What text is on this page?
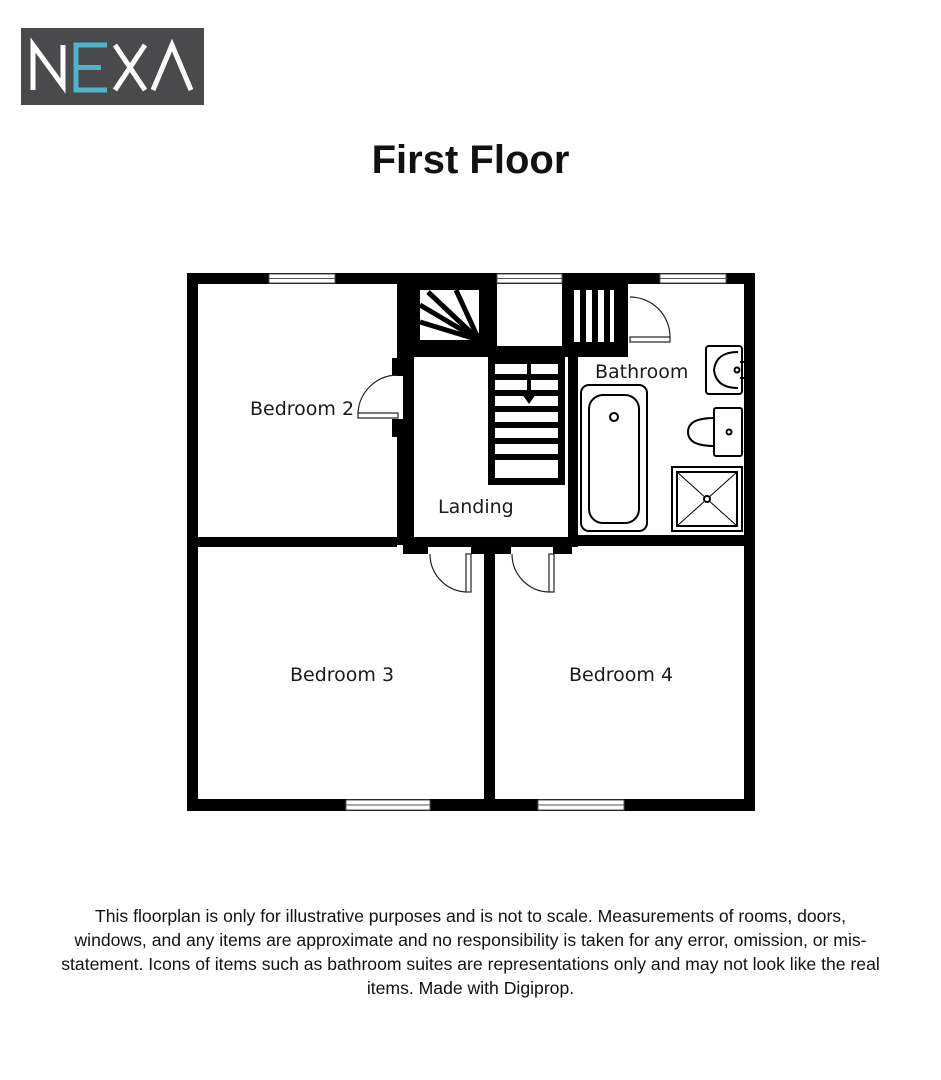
First Floor
Bedroom 2
Landing
Bathroom
Bedroom 3	Bedroom 4

This floorplan is only for illustrative purposes and is not to scale. Measurements of rooms, doors, windows, and any items are approximate and no responsibility is taken for any error, omission, or mis-statement. Icons of items such as bathroom suites are representations only and may not look like the real items. Made with Digiprop.
